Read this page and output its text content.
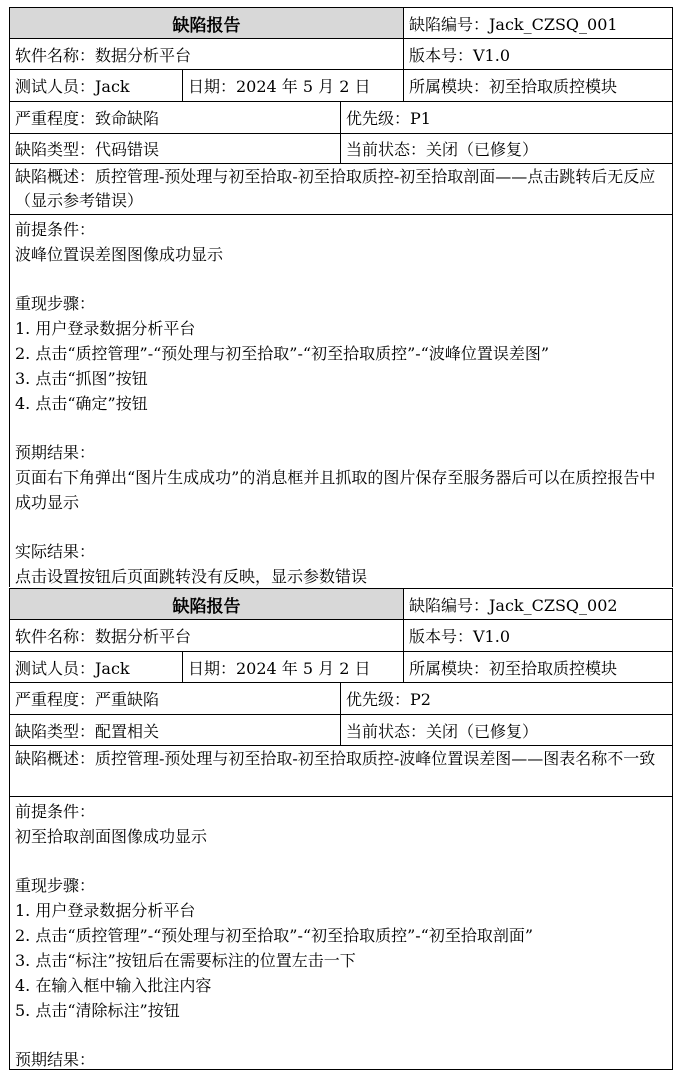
缺陷报告	缺陷编号：Jack_CZSQ_001
软件名称：数据分析平台	版本号：V1.0
测试人员：Jack	日期：2024 年 5 月 2 日	所属模块：初至拾取质控模块
严重程度：致命缺陷	优先级：P1
缺陷类型：代码错误	当前状态：关闭（已修复）
缺陷概述：质控管理-预处理与初至拾取-初至拾取质控-初至拾取剖面——点击跳转后无反应（显示参考错误）
前提条件：
波峰位置误差图图像成功显示
重现步骤：
1. 用户登录数据分析平台
2. 点击“质控管理”-“预处理与初至拾取”-“初至拾取质控”-“波峰位置误差图”
3. 点击“抓图”按钮
4. 点击“确定”按钮
预期结果：
页面右下角弹出“图片生成成功”的消息框并且抓取的图片保存至服务器后可以在质控报告中成功显示
实际结果：
点击设置按钮后页面跳转没有反映，显示参数错误
缺陷报告	缺陷编号：Jack_CZSQ_002
软件名称：数据分析平台	版本号：V1.0
测试人员：Jack	日期：2024 年 5 月 2 日	所属模块：初至拾取质控模块
严重程度：严重缺陷	优先级：P2
缺陷类型：配置相关	当前状态：关闭（已修复）
缺陷概述：质控管理-预处理与初至拾取-初至拾取质控-波峰位置误差图——图表名称不一致
前提条件：
初至拾取剖面图像成功显示
重现步骤：
1. 用户登录数据分析平台
2. 点击“质控管理”-“预处理与初至拾取”-“初至拾取质控”-“初至拾取剖面”
3. 点击“标注”按钮后在需要标注的位置左击一下
4. 在输入框中输入批注内容
5. 点击“清除标注”按钮
预期结果：
